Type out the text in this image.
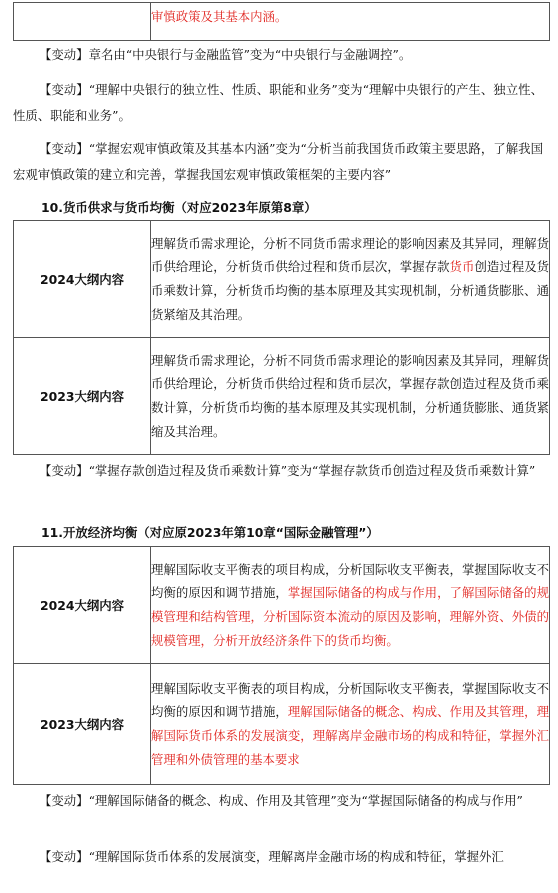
	审慎政策及其基本内涵。

【变动】章名由“中央银行与金融监管”变为“中央银行与金融调控”。

【变动】“理解中央银行的独立性、性质、职能和业务”变为“理解中央银行的产生、独立性、性质、职能和业务”。

【变动】“掌握宏观审慎政策及其基本内涵”变为“分析当前我国货币政策主要思路，了解我国宏观审慎政策的建立和完善，掌握我国宏观审慎政策框架的主要内容”

10.货币供求与货币均衡（对应2023年原第8章）
2024大纲内容	理解货币需求理论，分析不同货币需求理论的影响因素及其异同，理解货币供给理论，分析货币供给过程和货币层次，掌握存款货币创造过程及货币乘数计算，分析货币均衡的基本原理及其实现机制，分析通货膨胀、通货紧缩及其治理。
2023大纲内容	理解货币需求理论，分析不同货币需求理论的影响因素及其异同，理解货币供给理论，分析货币供给过程和货币层次，掌握存款创造过程及货币乘数计算，分析货币均衡的基本原理及其实现机制，分析通货膨胀、通货紧缩及其治理。

【变动】“掌握存款创造过程及货币乘数计算”变为“掌握存款货币创造过程及货币乘数计算”

11.开放经济均衡（对应原2023年第10章“国际金融管理”）
2024大纲内容	理解国际收支平衡表的项目构成，分析国际收支平衡表，掌握国际收支不均衡的原因和调节措施，掌握国际储备的构成与作用，了解国际储备的规模管理和结构管理，分析国际资本流动的原因及影响，理解外资、外债的规模管理，分析开放经济条件下的货币均衡。
2023大纲内容	理解国际收支平衡表的项目构成，分析国际收支平衡表，掌握国际收支不均衡的原因和调节措施，理解国际储备的概念、构成、作用及其管理，理解国际货币体系的发展演变，理解离岸金融市场的构成和特征，掌握外汇管理和外债管理的基本要求

【变动】“理解国际储备的概念、构成、作用及其管理”变为“掌握国际储备的构成与作用”

【变动】“理解国际货币体系的发展演变，理解离岸金融市场的构成和特征，掌握外汇
